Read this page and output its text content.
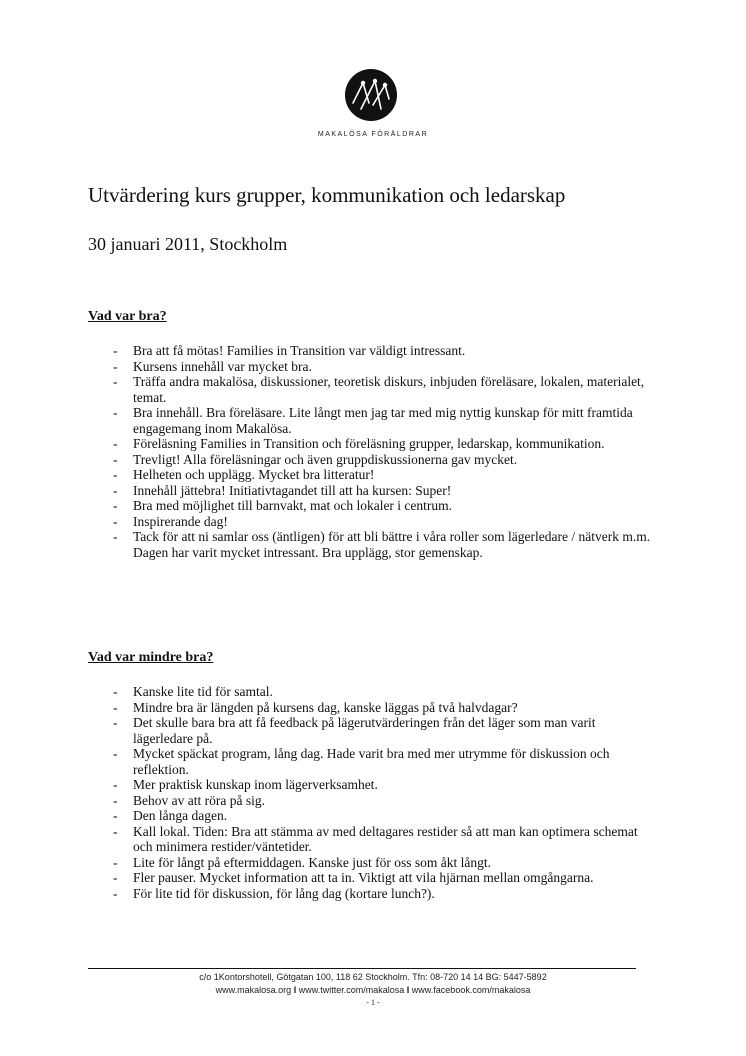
MAKALÖSA FÖRÄLDRAR
Utvärdering kurs grupper, kommunikation och ledarskap
30 januari 2011, Stockholm
Vad var bra?
- Bra att få mötas! Families in Transition var väldigt intressant.
- Kursens innehåll var mycket bra.
- Träffa andra makalösa, diskussioner, teoretisk diskurs, inbjuden föreläsare, lokalen, materialet, temat.
- Bra innehåll. Bra föreläsare. Lite långt men jag tar med mig nyttig kunskap för mitt framtida engagemang inom Makalösa.
- Föreläsning Families in Transition och föreläsning grupper, ledarskap, kommunikation.
- Trevligt! Alla föreläsningar och även gruppdiskussionerna gav mycket.
- Helheten och upplägg. Mycket bra litteratur!
- Innehåll jättebra! Initiativtagandet till att ha kursen: Super!
- Bra med möjlighet till barnvakt, mat och lokaler i centrum.
- Inspirerande dag!
- Tack för att ni samlar oss (äntligen) för att bli bättre i våra roller som lägerledare / nätverk m.m. Dagen har varit mycket intressant. Bra upplägg, stor gemenskap.
Vad var mindre bra?
- Kanske lite tid för samtal.
- Mindre bra är längden på kursens dag, kanske läggas på två halvdagar?
- Det skulle bara bra att få feedback på lägerutvärderingen från det läger som man varit lägerledare på.
- Mycket späckat program, lång dag. Hade varit bra med mer utrymme för diskussion och reflektion.
- Mer praktisk kunskap inom lägerverksamhet.
- Behov av att röra på sig.
- Den långa dagen.
- Kall lokal. Tiden: Bra att stämma av med deltagares restider så att man kan optimera schemat och minimera restider/väntetider.
- Lite för långt på eftermiddagen. Kanske just för oss som åkt långt.
- Fler pauser. Mycket information att ta in. Viktigt att vila hjärnan mellan omgångarna.
- För lite tid för diskussion, för lång dag (kortare lunch?).
c/o 1Kontorshotell, Götgatan 100, 118 62 Stockholm. Tfn: 08-720 14 14 BG: 5447-5892
www.makalosa.org I www.twitter.com/makalosa I www.facebook.com/makalosa
- 1 -
